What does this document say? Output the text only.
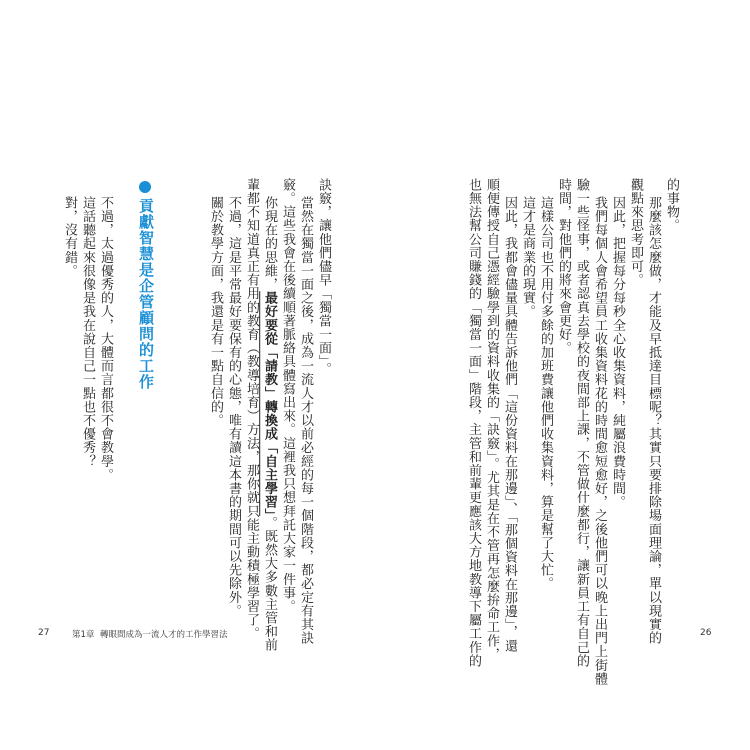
的事物。
那麼該怎麼做，才能及早抵達目標呢？其實只要排除場面理論，單以現實的
觀點來思考即可。
因此，把握每分每秒全心收集資料，純屬浪費時間。
我們每個人會希望員工收集資料花的時間愈短愈好，之後他們可以晚上出門上街體
驗一些怪事，或者認真去學校的夜間部上課，不管做什麼都行，讓新員工有自己的
時間，對他們的將來會更好。
這樣公司也不用付多餘的加班費讓他們收集資料，算是幫了大忙。
這才是商業的現實。
因此，我都會儘量具體告訴他們「這份資料在那邊」、「那個資料在那邊」，還
順便傳授自己憑經驗學到的資料收集的「訣竅」。尤其是在不管再怎麼拚命工作，
也無法幫公司賺錢的「獨當一面」階段，主管和前輩更應該大方地教導下屬工作的
訣竅，讓他們儘早「獨當一面」。
當然在獨當一面之後，成為一流人才以前必經的每一個階段，都必定有其訣
竅。這些我會在後續順著脈絡具體寫出來。這裡我只想拜託大家一件事。
你現在的思維，最好要從「請教」轉換成「自主學習」。既然大多數主管和前
輩都不知道真正有用的教育（教導培育）方法，那你就只能主動積極學習了。
不過，這是平常最好要保有的心態，唯有讀這本書的期間可以先除外。
關於教學方面，我還是有一點自信的。
貢獻智慧是企管顧問的工作
不過，太過優秀的人，大體而言都很不會教學。
這話聽起來很像是我在說自己一點也不優秀？
對，沒有錯。
27	第1章 轉眼間成為一流人才的工作學習法	26
